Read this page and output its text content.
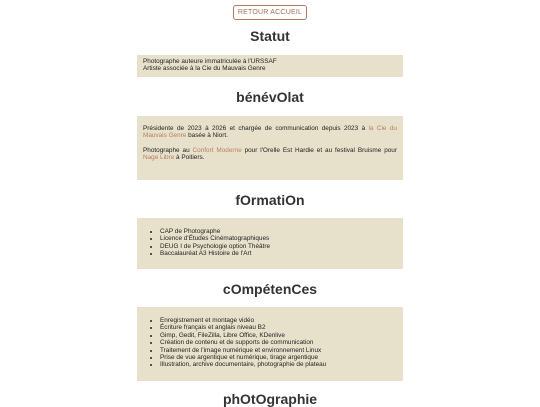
RETOUR ACCUEIL
Statut

Photographe auteure immatriculée à l'URSSAF

Artiste associée à la Cie du Mauvais Genre

bénévOlat

Présidente de 2023 à 2026 et chargée de communication depuis 2023 à la Cie du Mauvais Genre basée à Niort.

Photographe au Confort Moderne pour l'Orelle Est Hardie et au festival Bruisme pour Nage Libre à Poitiers.

fOrmatiOn
• CAP de Photographe
• Licence d'Études Cinématographiques
• DEUG I de Psychologie option Théâtre
• Baccalauréat A3 Histoire de l'Art
cOmpétenCes
• Enregistrement et montage vidéo
• Écriture français et anglais niveau B2
• Gimp, Gedit, FileZilla, Libre Office, KDenlive
• Création de contenu et de supports de communication
• Traitement de l'image numérique et environnement Linux
• Prise de vue argentique et numérique, tirage argentique
• Illustration, archive documentaire, photographie de plateau
phOtOgraphie
